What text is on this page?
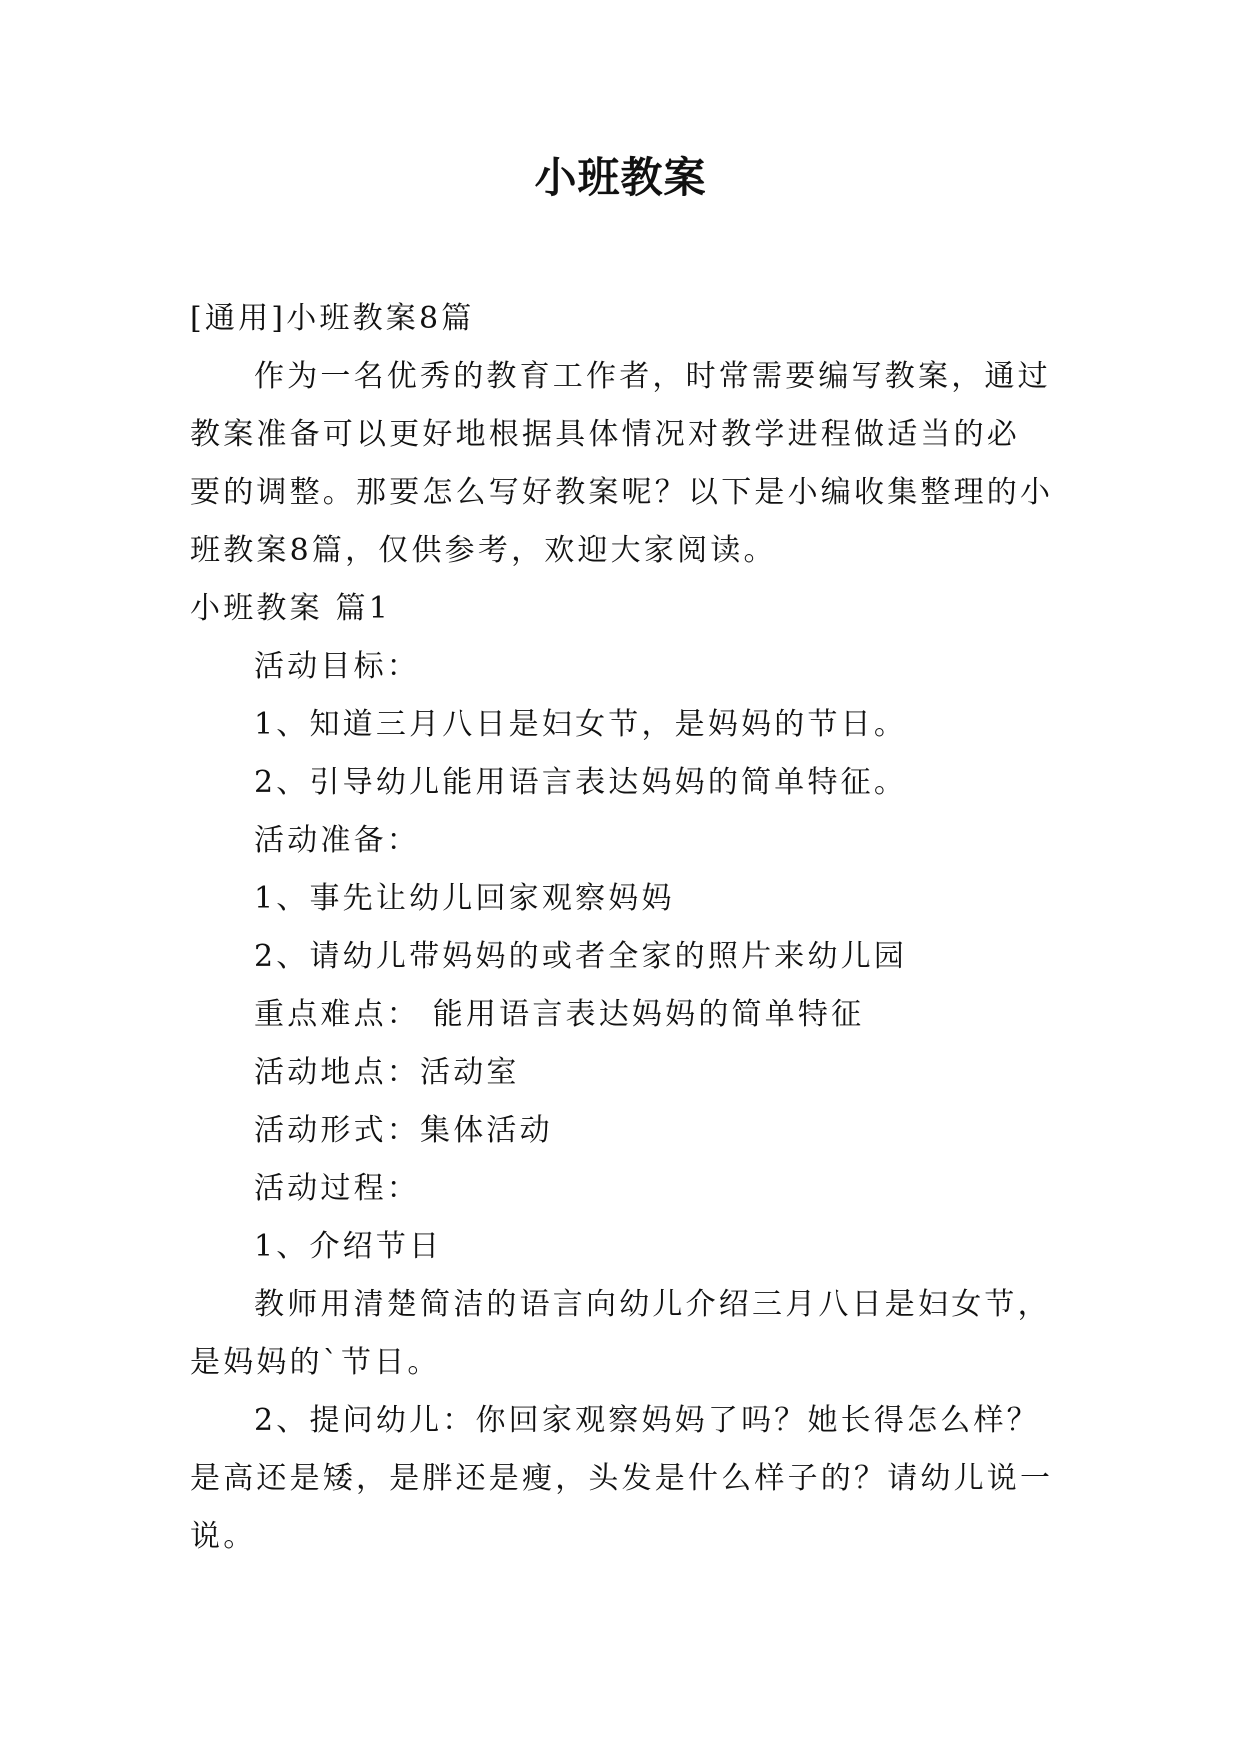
小班教案
[通用]小班教案8篇
作为一名优秀的教育工作者，时常需要编写教案，通过
教案准备可以更好地根据具体情况对教学进程做适当的必
要的调整。那要怎么写好教案呢？以下是小编收集整理的小
班教案8篇，仅供参考，欢迎大家阅读。
小班教案 篇1
活动目标：
1、知道三月八日是妇女节，是妈妈的节日。
2、引导幼儿能用语言表达妈妈的简单特征。
活动准备：
1、事先让幼儿回家观察妈妈
2、请幼儿带妈妈的或者全家的照片来幼儿园
重点难点： 能用语言表达妈妈的简单特征
活动地点：活动室
活动形式：集体活动
活动过程：
1、介绍节日
教师用清楚简洁的语言向幼儿介绍三月八日是妇女节，
是妈妈的`节日。
2、提问幼儿：你回家观察妈妈了吗？她长得怎么样？
是高还是矮，是胖还是瘦，头发是什么样子的？请幼儿说一
说。
